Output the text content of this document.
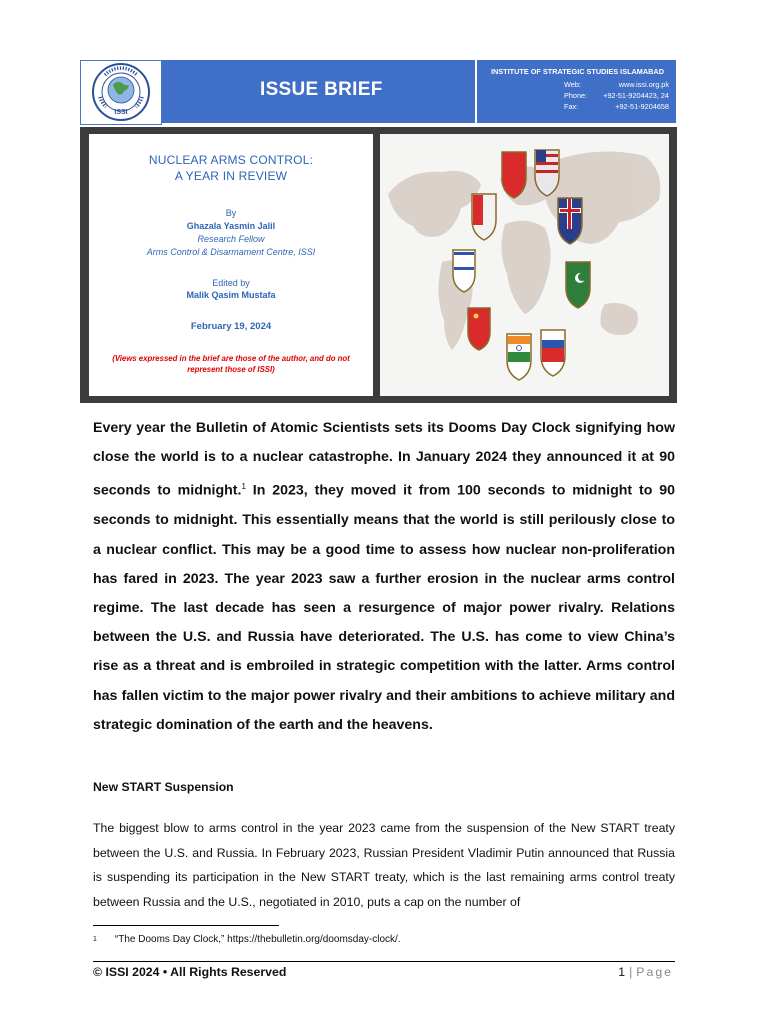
ISSI
ISSUE BRIEF
INSTITUTE OF STRATEGIC STUDIES ISLAMABAD
Web:	www.issi.org.pk
Phone: +92-51-9204423, 24
Fax:	+92-51-9204658
NUCLEAR ARMS CONTROL:
A YEAR IN REVIEW
By
Ghazala Yasmin Jalil
Research Fellow
Arms Control & Disarmament Centre, ISSI
Edited by
Malik Qasim Mustafa
February 19, 2024
(Views expressed in the brief are those of the author, and do not represent those of ISSI)
Every year the Bulletin of Atomic Scientists sets its Dooms Day Clock signifying how close the world is to a nuclear catastrophe. In January 2024 they announced it at 90 seconds to midnight.$^1$ In 2023, they moved it from 100 seconds to midnight to 90 seconds to midnight. This essentially means that the world is still perilously close to a nuclear conflict. This may be a good time to assess how nuclear non-proliferation has fared in 2023. The year 2023 saw a further erosion in the nuclear arms control regime. The last decade has seen a resurgence of major power rivalry. Relations between the U.S. and Russia have deteriorated. The U.S. has come to view China’s rise as a threat and is embroiled in strategic competition with the latter. Arms control has fallen victim to the major power rivalry and their ambitions to achieve military and strategic domination of the earth and the heavens.
New START Suspension
The biggest blow to arms control in the year 2023 came from the suspension of the New START treaty between the U.S. and Russia. In February 2023, Russian President Vladimir Putin announced that Russia is suspending its participation in the New START treaty, which is the last remaining arms control treaty between Russia and the U.S., negotiated in 2010, puts a cap on the number of
1 “The Dooms Day Clock,” https://thebulletin.org/doomsday-clock/.
© ISSI 2024 • All Rights Reserved	1 | Page
